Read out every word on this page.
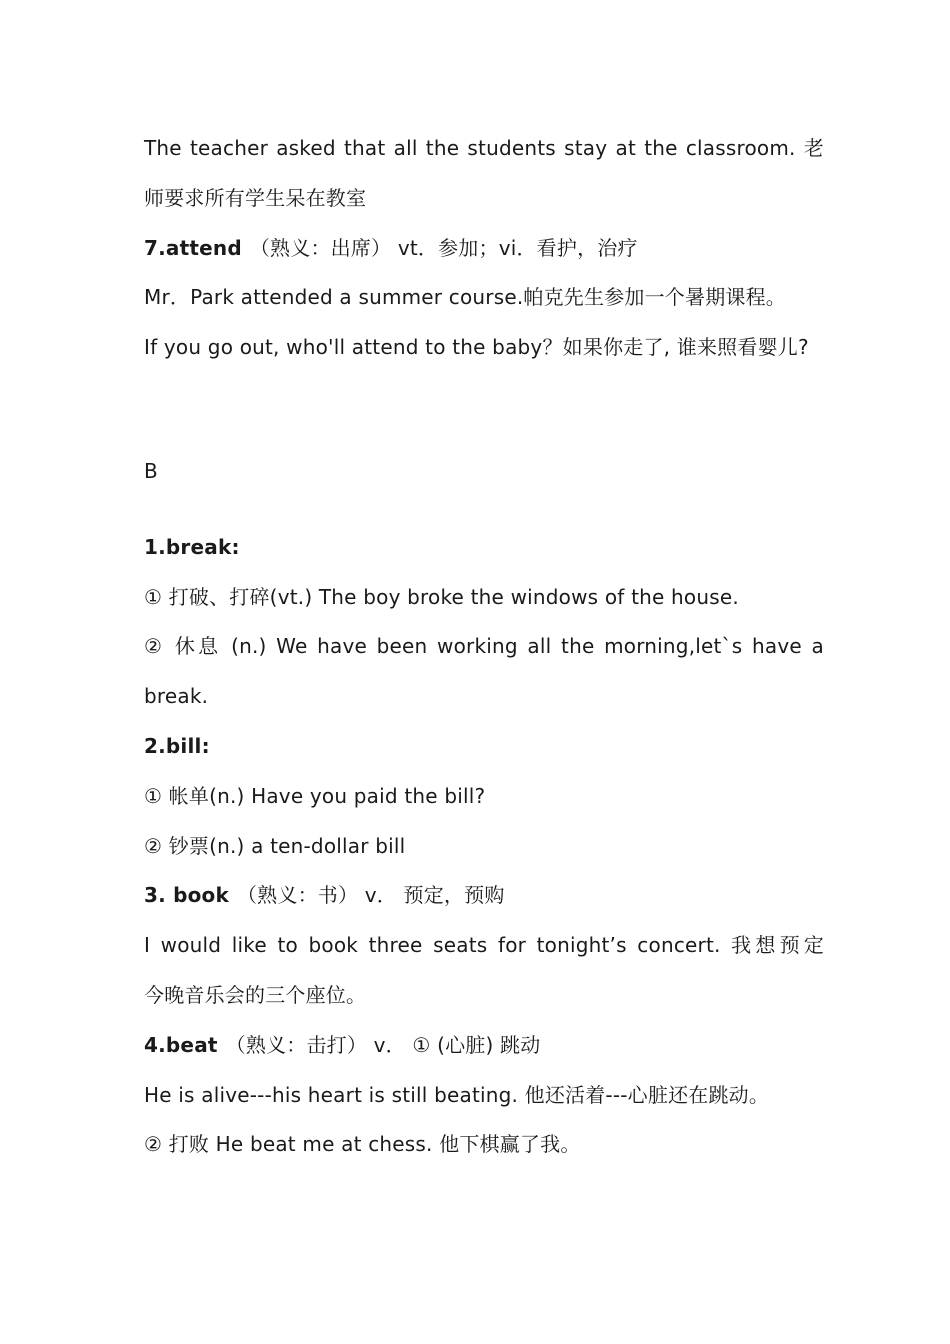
The teacher asked that all the students stay at the classroom. 老
师要求所有学生呆在教室
7.attend （熟义：出席） vt．参加；vi．看护，治疗
Mr．Park attended a summer course.帕克先生参加一个暑期课程。
If you go out, who'll attend to the baby？如果你走了, 谁来照看婴儿?
B
1.break:
① 打破、打碎(vt.) The boy broke the windows of the house.
② 休息 (n.) We have been working all the morning,let`s have a
break.
2.bill:
① 帐单(n.) Have you paid the bill?
② 钞票(n.) a ten-dollar bill
3. book （熟义：书） v． 预定，预购
I would like to book three seats for tonight’s concert. 我想预定
今晚音乐会的三个座位。
4.beat （熟义：击打） v． ① (心脏) 跳动
He is alive---his heart is still beating. 他还活着---心脏还在跳动。
② 打败 He beat me at chess. 他下棋赢了我。
